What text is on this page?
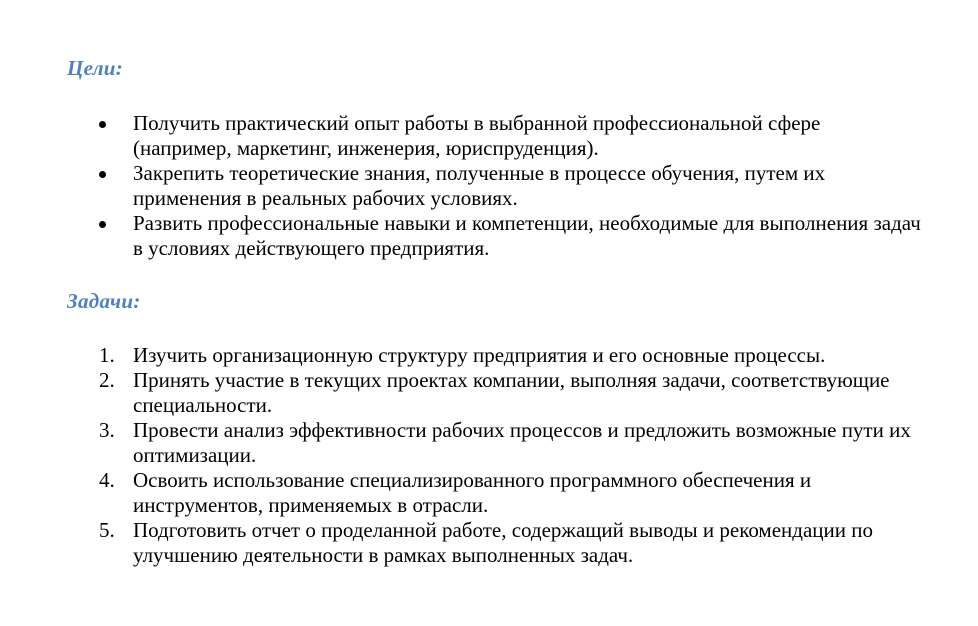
Цели:
Получить практический опыт работы в выбранной профессиональной сфере (например, маркетинг, инженерия, юриспруденция).
Закрепить теоретические знания, полученные в процессе обучения, путем их применения в реальных рабочих условиях.
Развить профессиональные навыки и компетенции, необходимые для выполнения задач в условиях действующего предприятия.
Задачи:
1. Изучить организационную структуру предприятия и его основные процессы.
2. Принять участие в текущих проектах компании, выполняя задачи, соответствующие специальности.
3. Провести анализ эффективности рабочих процессов и предложить возможные пути их оптимизации.
4. Освоить использование специализированного программного обеспечения и инструментов, применяемых в отрасли.
5. Подготовить отчет о проделанной работе, содержащий выводы и рекомендации по улучшению деятельности в рамках выполненных задач.
